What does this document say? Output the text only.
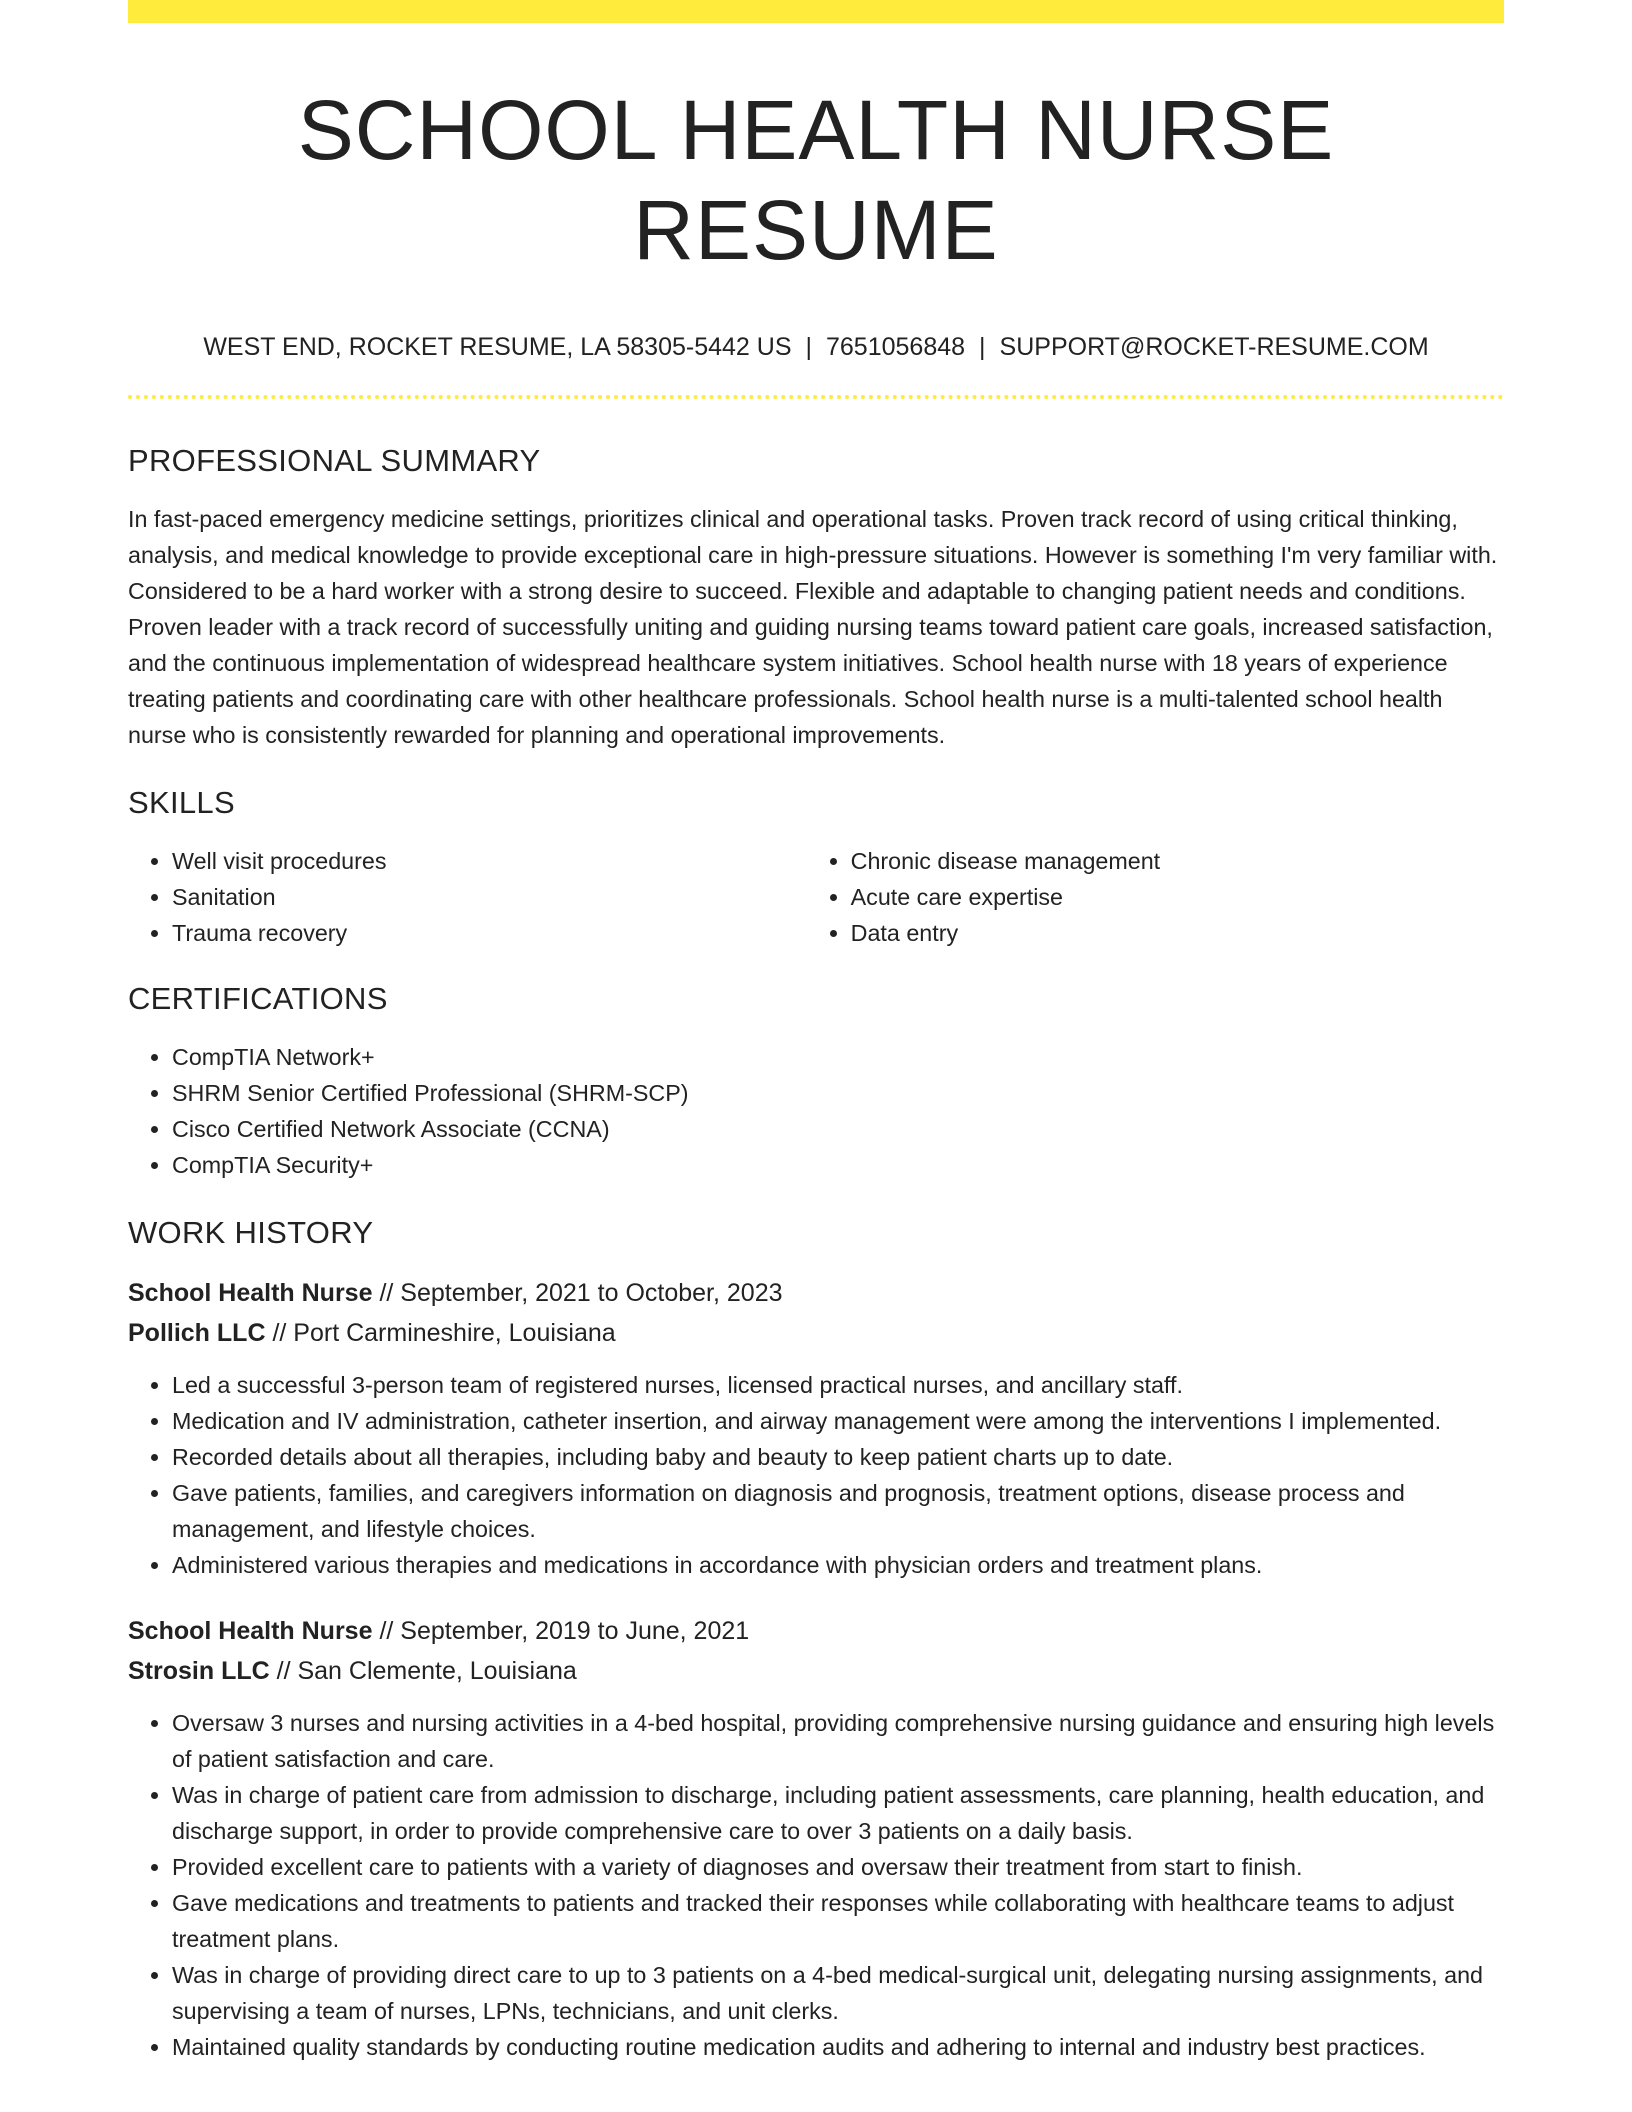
SCHOOL HEALTH NURSE RESUME
WEST END, ROCKET RESUME, LA 58305-5442 US | 7651056848 | SUPPORT@ROCKET-RESUME.COM
PROFESSIONAL SUMMARY

In fast-paced emergency medicine settings, prioritizes clinical and operational tasks. Proven track record of using critical thinking, analysis, and medical knowledge to provide exceptional care in high-pressure situations. However is something I'm very familiar with. Considered to be a hard worker with a strong desire to succeed. Flexible and adaptable to changing patient needs and conditions. Proven leader with a track record of successfully uniting and guiding nursing teams toward patient care goals, increased satisfaction, and the continuous implementation of widespread healthcare system initiatives. School health nurse with 18 years of experience treating patients and coordinating care with other healthcare professionals. School health nurse is a multi-talented school health nurse who is consistently rewarded for planning and operational improvements.

SKILLS
• Well visit procedures
• Sanitation
• Trauma recovery
• Chronic disease management
• Acute care expertise
• Data entry
CERTIFICATIONS
• CompTIA Network+
• SHRM Senior Certified Professional (SHRM-SCP)
• Cisco Certified Network Associate (CCNA)
• CompTIA Security+
WORK HISTORY
School Health Nurse // September, 2021 to October, 2023
Pollich LLC // Port Carmineshire, Louisiana
• Led a successful 3-person team of registered nurses, licensed practical nurses, and ancillary staff.
• Medication and IV administration, catheter insertion, and airway management were among the interventions I implemented.
• Recorded details about all therapies, including baby and beauty to keep patient charts up to date.
• Gave patients, families, and caregivers information on diagnosis and prognosis, treatment options, disease process and management, and lifestyle choices.
• Administered various therapies and medications in accordance with physician orders and treatment plans.
School Health Nurse // September, 2019 to June, 2021
Strosin LLC // San Clemente, Louisiana
• Oversaw 3 nurses and nursing activities in a 4-bed hospital, providing comprehensive nursing guidance and ensuring high levels of patient satisfaction and care.
• Was in charge of patient care from admission to discharge, including patient assessments, care planning, health education, and discharge support, in order to provide comprehensive care to over 3 patients on a daily basis.
• Provided excellent care to patients with a variety of diagnoses and oversaw their treatment from start to finish.
• Gave medications and treatments to patients and tracked their responses while collaborating with healthcare teams to adjust treatment plans.
• Was in charge of providing direct care to up to 3 patients on a 4-bed medical-surgical unit, delegating nursing assignments, and supervising a team of nurses, LPNs, technicians, and unit clerks.
• Maintained quality standards by conducting routine medication audits and adhering to internal and industry best practices.
